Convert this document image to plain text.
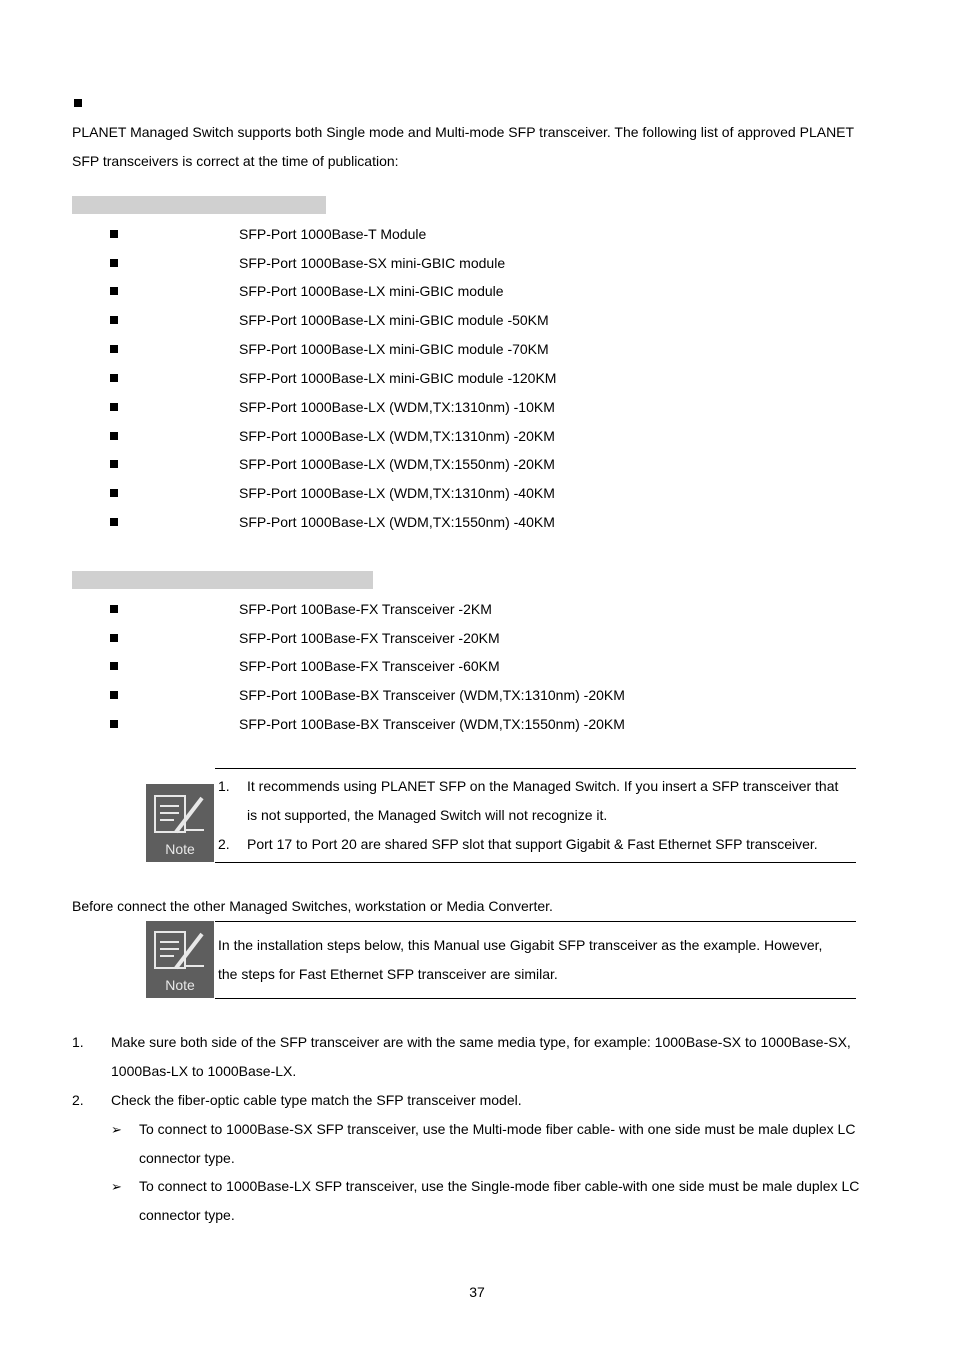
PLANET Managed Switch supports both Single mode and Multi-mode SFP transceiver. The following list of approved PLANET SFP transceivers is correct at the time of publication:
SFP-Port 1000Base-T Module
SFP-Port 1000Base-SX mini-GBIC module
SFP-Port 1000Base-LX mini-GBIC module
SFP-Port 1000Base-LX mini-GBIC module -50KM
SFP-Port 1000Base-LX mini-GBIC module -70KM
SFP-Port 1000Base-LX mini-GBIC module -120KM
SFP-Port 1000Base-LX (WDM,TX:1310nm) -10KM
SFP-Port 1000Base-LX (WDM,TX:1310nm) -20KM
SFP-Port 1000Base-LX (WDM,TX:1550nm) -20KM
SFP-Port 1000Base-LX (WDM,TX:1310nm) -40KM
SFP-Port 1000Base-LX (WDM,TX:1550nm) -40KM
SFP-Port 100Base-FX Transceiver -2KM
SFP-Port 100Base-FX Transceiver -20KM
SFP-Port 100Base-FX Transceiver -60KM
SFP-Port 100Base-BX Transceiver (WDM,TX:1310nm) -20KM
SFP-Port 100Base-BX Transceiver (WDM,TX:1550nm) -20KM
Note
1. It recommends using PLANET SFP on the Managed Switch. If you insert a SFP transceiver that
is not supported, the Managed Switch will not recognize it.
2. Port 17 to Port 20 are shared SFP slot that support Gigabit & Fast Ethernet SFP transceiver.
Before connect the other Managed Switches, workstation or Media Converter.
Note
In the installation steps below, this Manual use Gigabit SFP transceiver as the example. However,
the steps for Fast Ethernet SFP transceiver are similar.
1. Make sure both side of the SFP transceiver are with the same media type, for example: 1000Base-SX to 1000Base-SX,
1000Bas-LX to 1000Base-LX.
2. Check the fiber-optic cable type match the SFP transceiver model.
➢ To connect to 1000Base-SX SFP transceiver, use the Multi-mode fiber cable- with one side must be male duplex LC
connector type.
➢ To connect to 1000Base-LX SFP transceiver, use the Single-mode fiber cable-with one side must be male duplex LC
connector type.
37
